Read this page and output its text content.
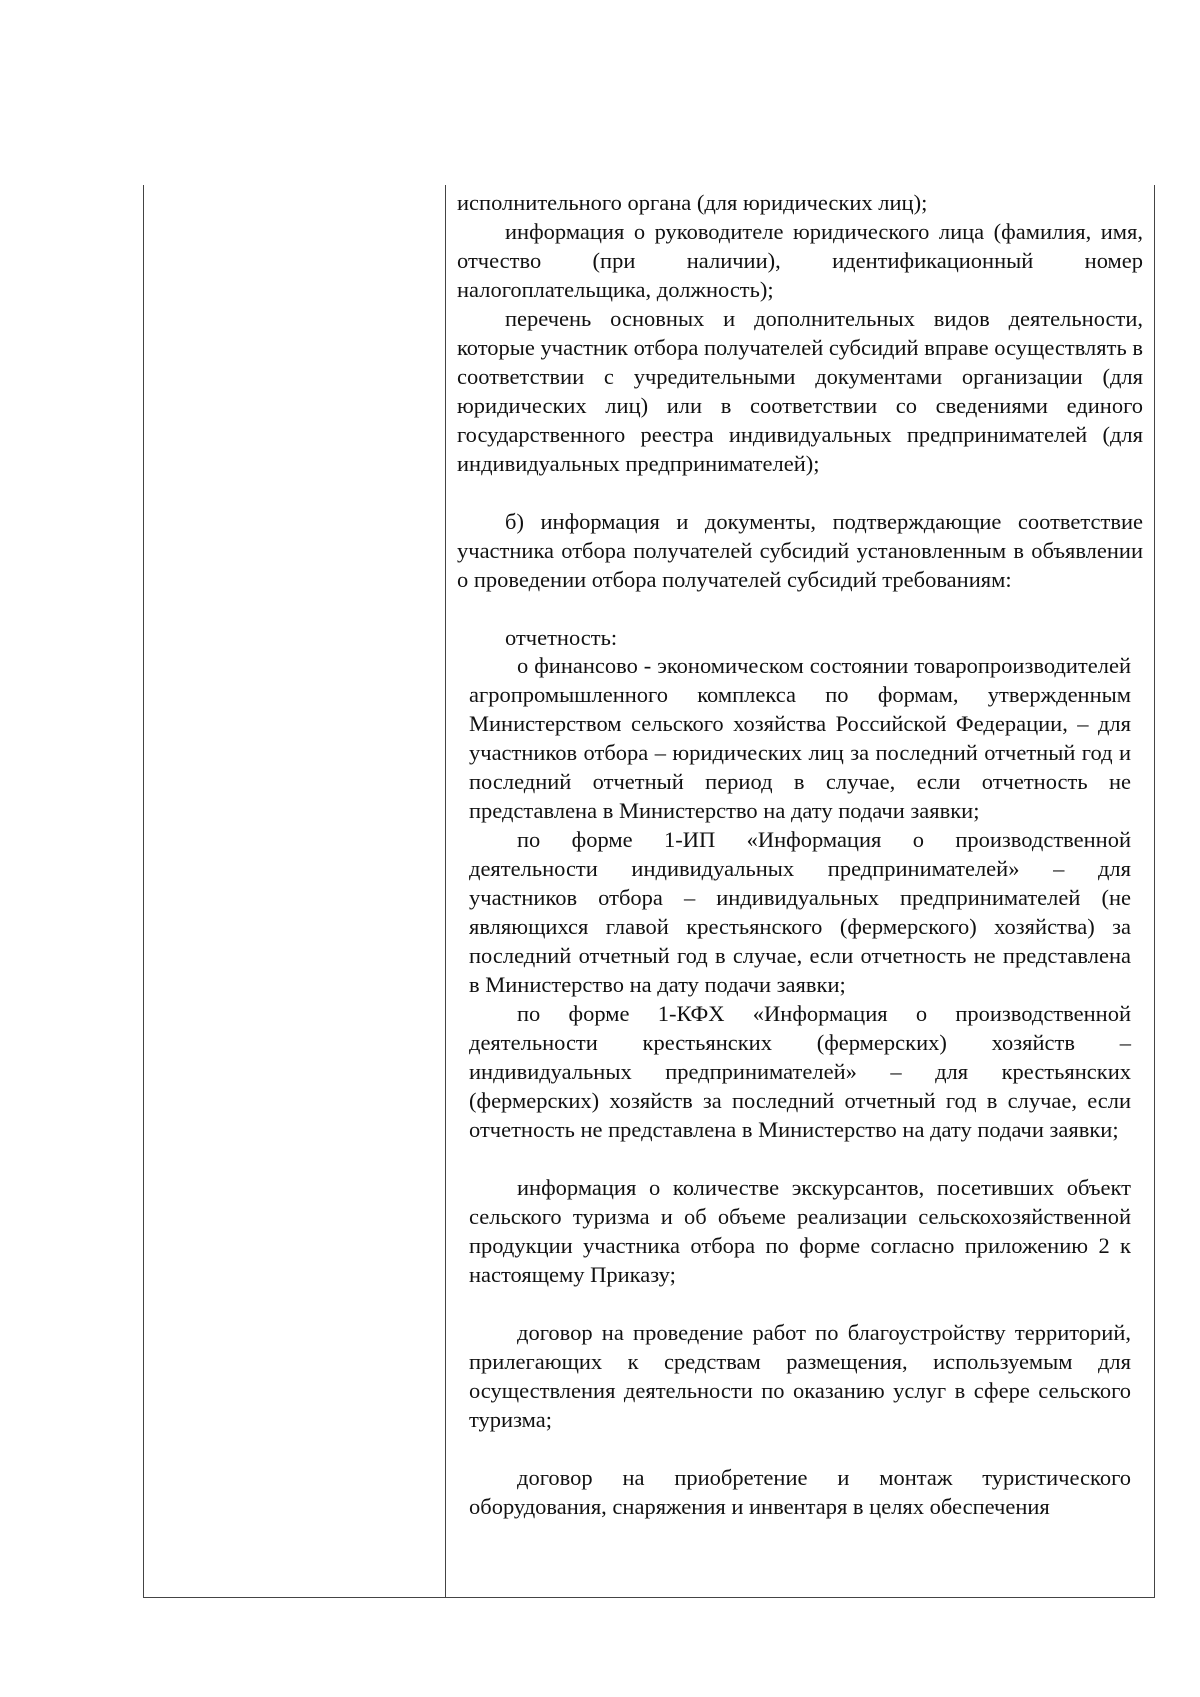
исполнительного органа (для юридических лиц);

информация о руководителе юридического лица (фамилия, имя, отчество (при наличии), идентификационный номер налогоплательщика, должность);

перечень основных и дополнительных видов деятельности, которые участник отбора получателей субсидий вправе осуществлять в соответствии с учредительными документами организации (для юридических лиц) или в соответствии со сведениями единого государственного реестра индивидуальных предпринимателей (для индивидуальных предпринимателей);

б) информация и документы, подтверждающие соответствие участника отбора получателей субсидий установленным в объявлении о проведении отбора получателей субсидий требованиям:

отчетность:

о финансово - экономическом состоянии товаропроизводителей агропромышленного комплекса по формам, утвержденным Министерством сельского хозяйства Российской Федерации, – для участников отбора – юридических лиц за последний отчетный год и последний отчетный период в случае, если отчетность не представлена в Министерство на дату подачи заявки;

по форме 1-ИП «Информация о производственной деятельности индивидуальных предпринимателей» – для участников отбора – индивидуальных предпринимателей (не являющихся главой крестьянского (фермерского) хозяйства) за последний отчетный год в случае, если отчетность не представлена в Министерство на дату подачи заявки;

по форме 1-КФХ «Информация о производственной деятельности крестьянских (фермерских) хозяйств – индивидуальных предпринимателей» – для крестьянских (фермерских) хозяйств за последний отчетный год в случае, если отчетность не представлена в Министерство на дату подачи заявки;

информация о количестве экскурсантов, посетивших объект сельского туризма и об объеме реализации сельскохозяйственной продукции участника отбора по форме согласно приложению 2 к настоящему Приказу;

договор на проведение работ по благоустройству территорий, прилегающих к средствам размещения, используемым для осуществления деятельности по оказанию услуг в сфере сельского туризма;

договор на приобретение и монтаж туристического оборудования, снаряжения и инвентаря в целях обеспечения
